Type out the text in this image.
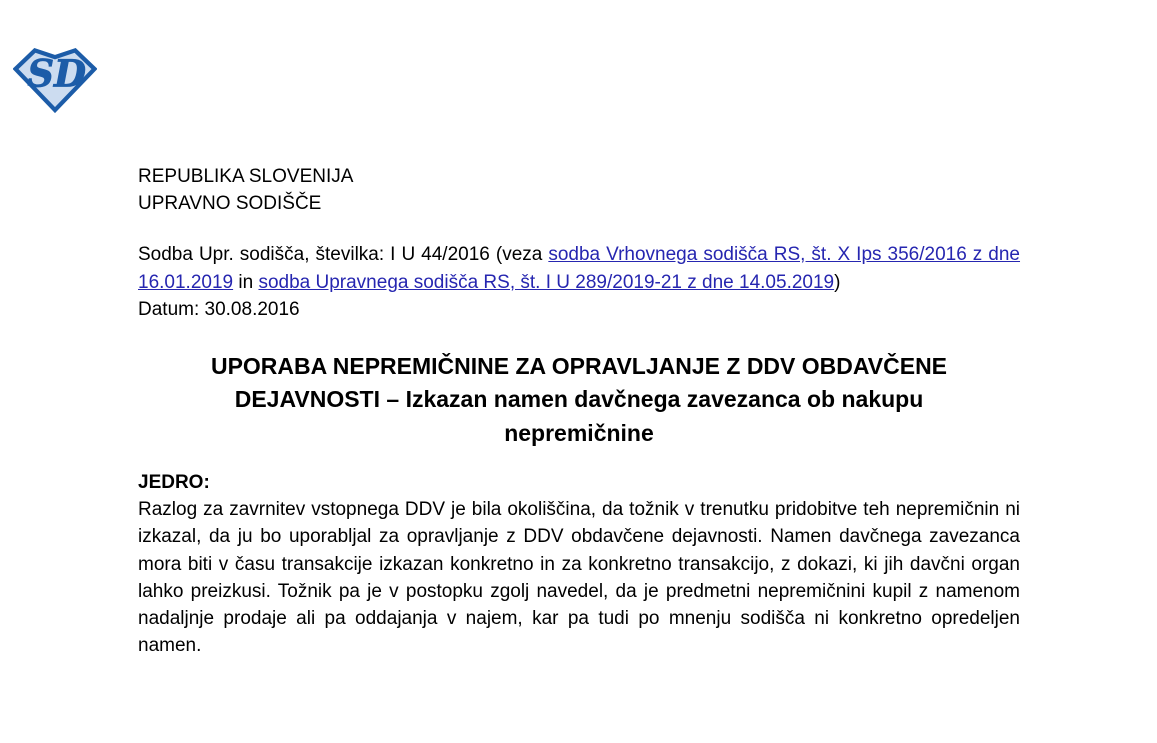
SD
REPUBLIKA SLOVENIJA
UPRAVNO SODIŠČE

Sodba Upr. sodišča, številka: I U 44/2016 (veza sodba Vrhovnega sodišča RS, št. X Ips 356/2016 z dne 16.01.2019 in sodba Upravnega sodišča RS, št. I U 289/2019-21 z dne 14.05.2019)
Datum: 30.08.2016

UPORABA NEPREMIČNINE ZA OPRAVLJANJE Z DDV OBDAVČENE
DEJAVNOSTI – Izkazan namen davčnega zavezanca ob nakupu
nepremičnine
JEDRO:

Razlog za zavrnitev vstopnega DDV je bila okoliščina, da tožnik v trenutku pridobitve teh nepremičnin ni izkazal, da ju bo uporabljal za opravljanje z DDV obdavčene dejavnosti. Namen davčnega zavezanca mora biti v času transakcije izkazan konkretno in za konkretno transakcijo, z dokazi, ki jih davčni organ lahko preizkusi. Tožnik pa je v postopku zgolj navedel, da je predmetni nepremičnini kupil z namenom nadaljnje prodaje ali pa oddajanja v najem, kar pa tudi po mnenju sodišča ni konkretno opredeljen namen.
